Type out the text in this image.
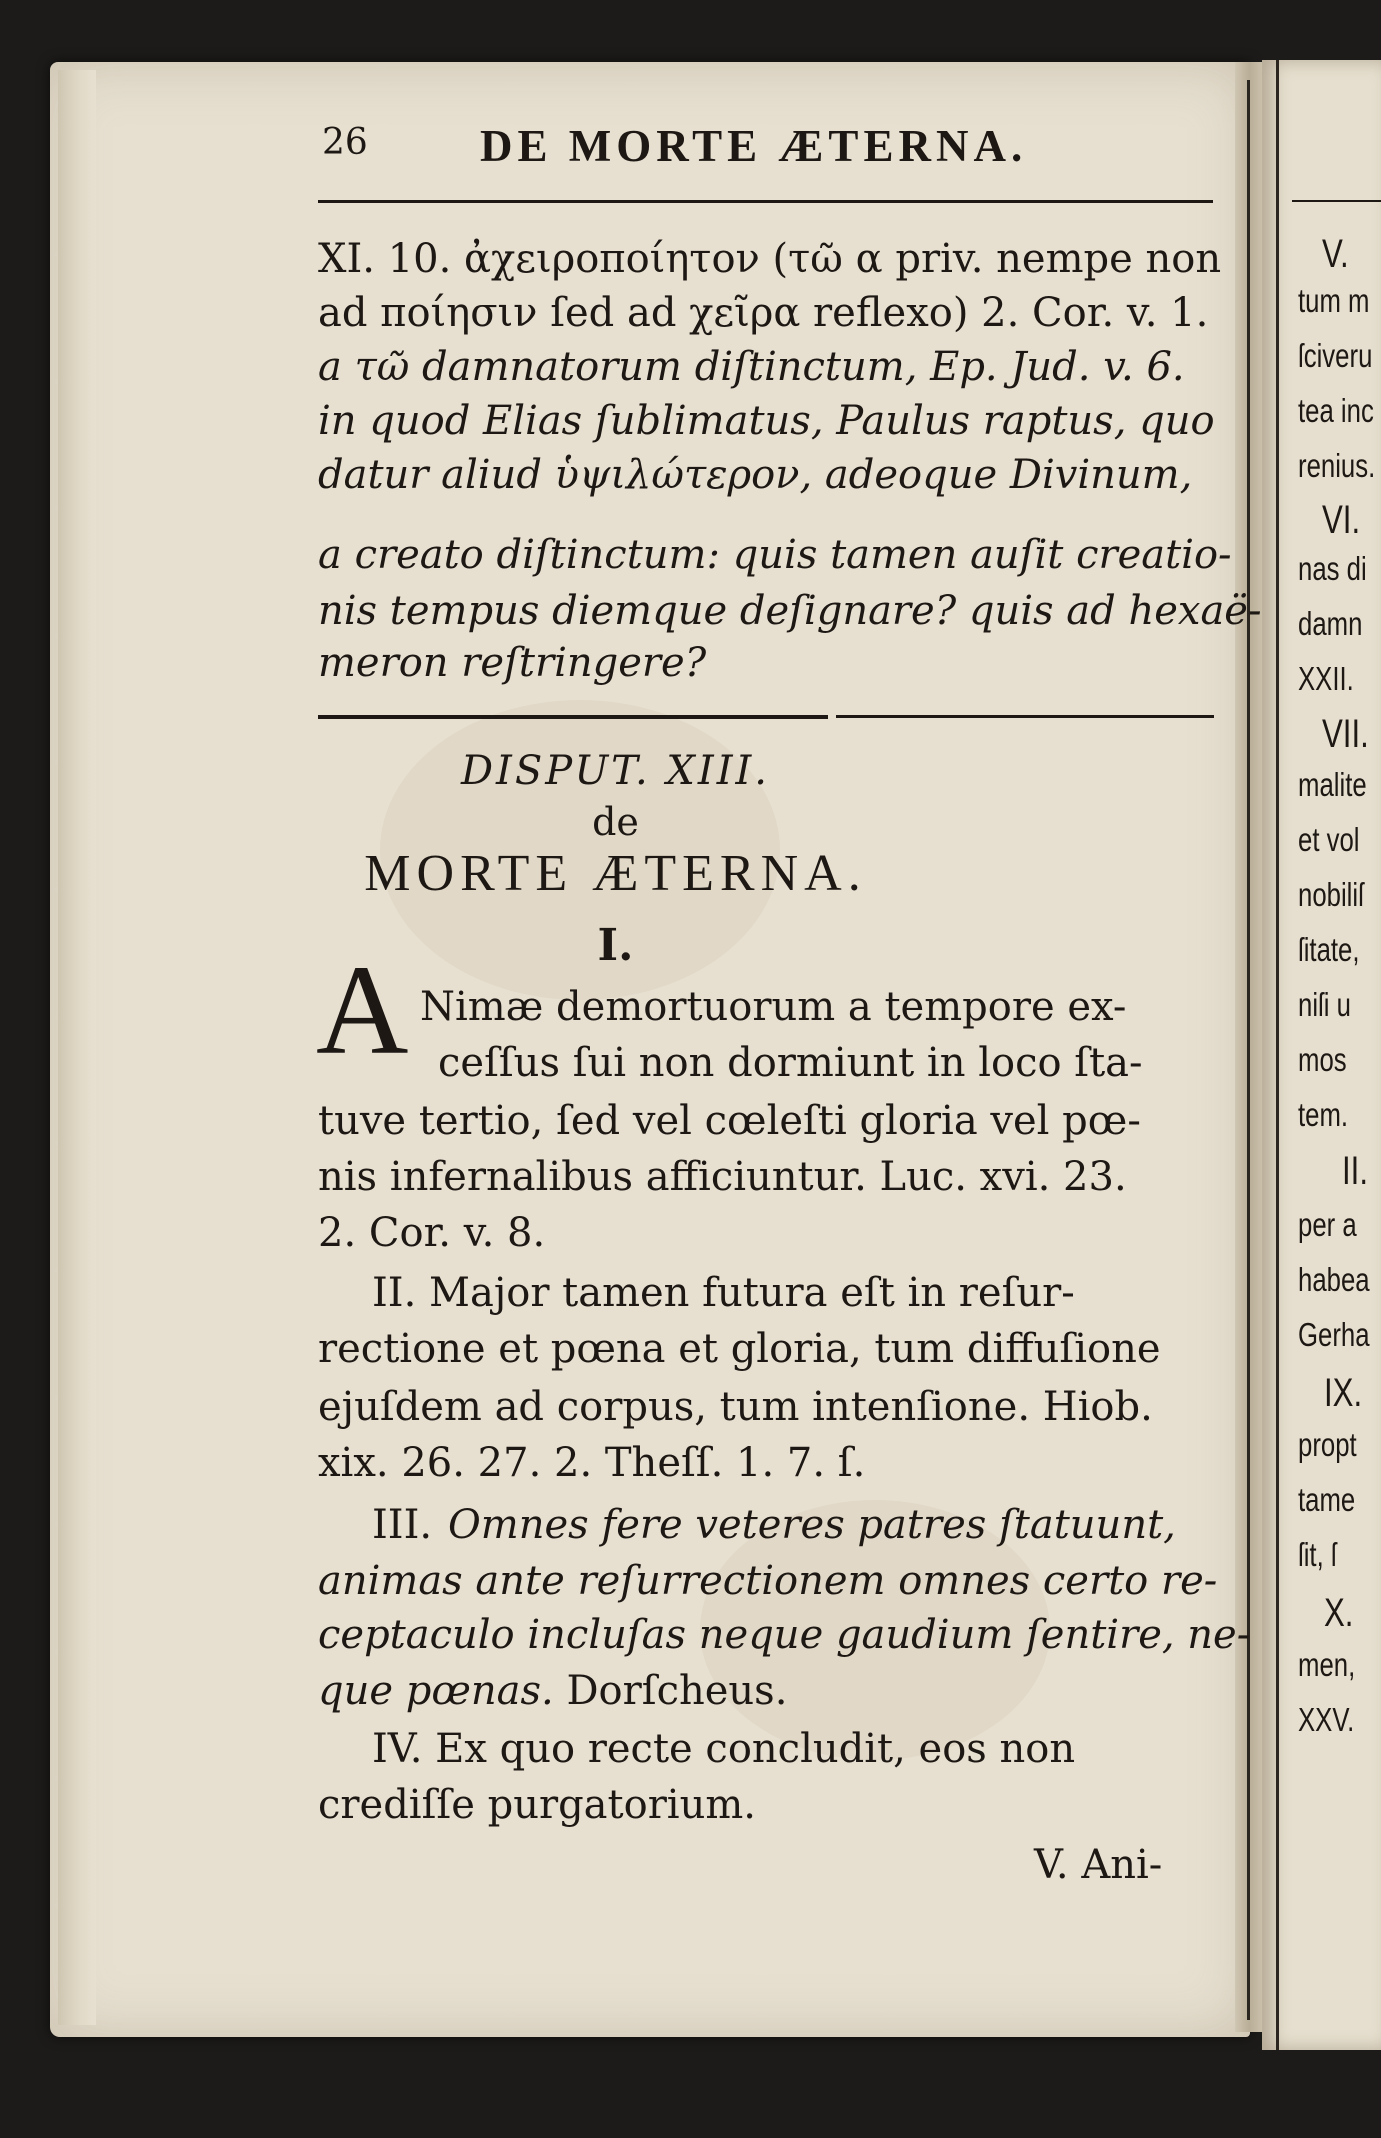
V.
tum m
ſciveru
tea inc
renius.
VI.
nas di
damn
XXII.
VII.
malite
et vol
nobiliſ
ſitate,
niſi u
mos
tem.
II.
per a
habea
Gerha
IX.
propt
tame
ſit, ſ
X.
men,
XXV.
26 DE MORTE ÆTERNA.
XI. 10. ἀχειροποίητον (τῶ α priv. nempe non
ad ποίησιν ſed ad χεῖρα reflexo) 2. Cor. v. 1.
a τῶ damnatorum diſtinctum, Ep. Jud. v. 6.
in quod Elias ſublimatus, Paulus raptus, quo
datur aliud ὑψιλώτερον, adeoque Divinum,
a creato diſtinctum: quis tamen auſit creatio-
nis tempus diemque deſignare? quis ad hexaë-
meron reſtringere?
DISPUT. XIII.
de
MORTE ÆTERNA.
I.
A Nimæ demortuorum a tempore ex-
ceſſus ſui non dormiunt in loco ſta-
tuve tertio, ſed vel cœleſti gloria vel pœ-
nis infernalibus afficiuntur. Luc. xvi. 23.
2. Cor. v. 8.
II. Major tamen futura eſt in reſur-
rectione et pœna et gloria, tum diffuſione
ejuſdem ad corpus, tum intenſione. Hiob.
xix. 26. 27. 2. Theſſ. 1. 7. ſ.
III. Omnes fere veteres patres ſtatuunt,
animas ante reſurrectionem omnes certo re-
ceptaculo incluſas neque gaudium ſentire, ne-
que pœnas. Dorſcheus.
IV. Ex quo recte concludit, eos non
crediſſe purgatorium.
V. Ani-
